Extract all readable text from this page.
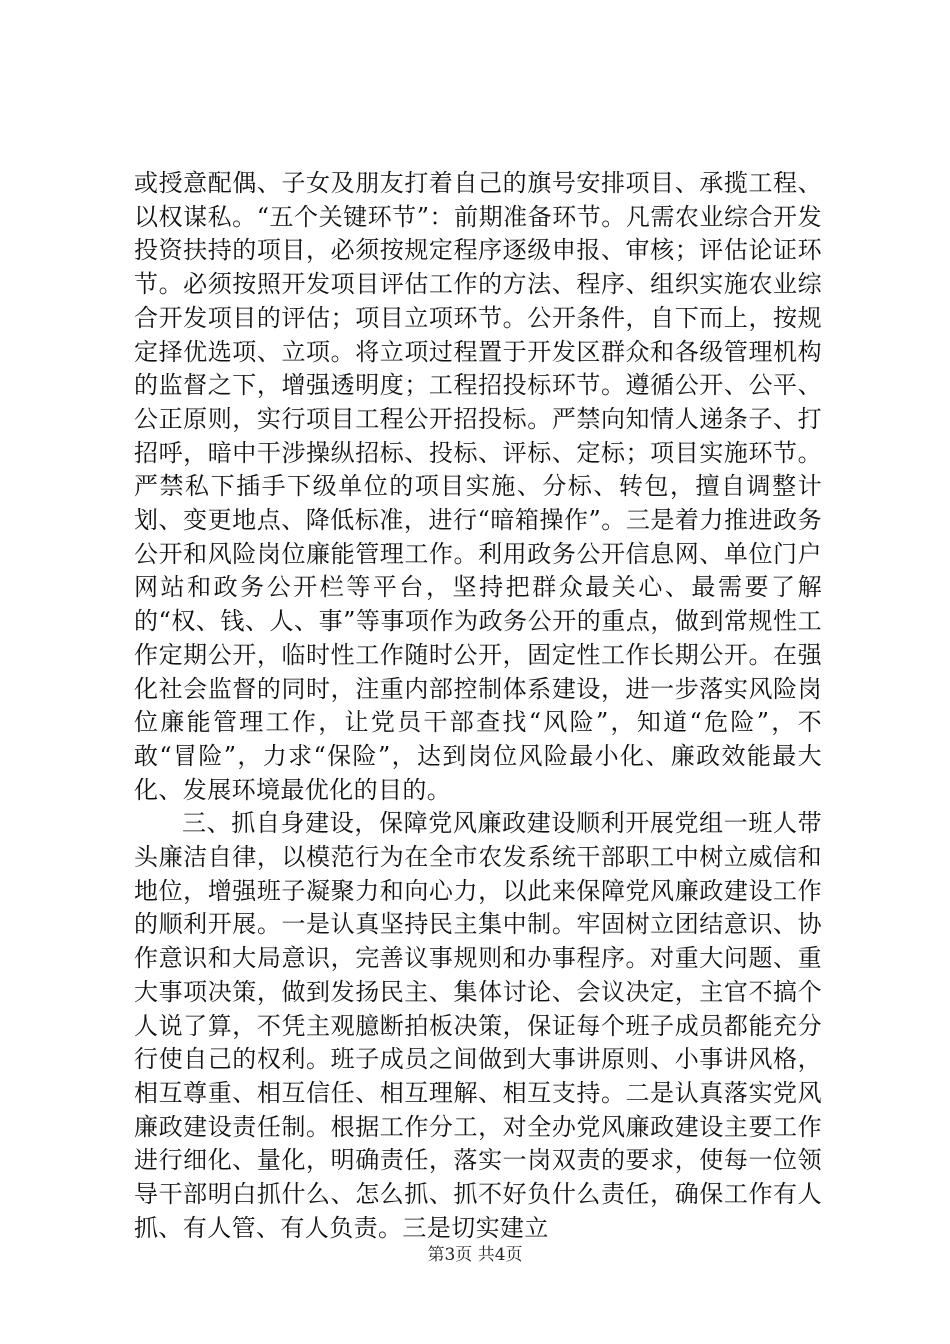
或授意配偶、子女及朋友打着自己的旗号安排项目、承揽工程、以权谋私。“五个关键环节”：前期准备环节。凡需农业综合开发投资扶持的项目，必须按规定程序逐级申报、审核；评估论证环节。必须按照开发项目评估工作的方法、程序、组织实施农业综合开发项目的评估；项目立项环节。公开条件，自下而上，按规定择优选项、立项。将立项过程置于开发区群众和各级管理机构的监督之下，增强透明度；工程招投标环节。遵循公开、公平、公正原则，实行项目工程公开招投标。严禁向知情人递条子、打招呼，暗中干涉操纵招标、投标、评标、定标；项目实施环节。严禁私下插手下级单位的项目实施、分标、转包，擅自调整计划、变更地点、降低标准，进行“暗箱操作”。三是着力推进政务公开和风险岗位廉能管理工作。利用政务公开信息网、单位门户网站和政务公开栏等平台，坚持把群众最关心、最需要了解的“权、钱、人、事”等事项作为政务公开的重点，做到常规性工作定期公开，临时性工作随时公开，固定性工作长期公开。在强化社会监督的同时，注重内部控制体系建设，进一步落实风险岗位廉能管理工作，让党员干部查找“风险”，知道“危险”，不敢“冒险”，力求“保险”，达到岗位风险最小化、廉政效能最大化、发展环境最优化的目的。

三、抓自身建设，保障党风廉政建设顺利开展党组一班人带头廉洁自律，以模范行为在全市农发系统干部职工中树立威信和地位，增强班子凝聚力和向心力，以此来保障党风廉政建设工作的顺利开展。一是认真坚持民主集中制。牢固树立团结意识、协作意识和大局意识，完善议事规则和办事程序。对重大问题、重大事项决策，做到发扬民主、集体讨论、会议决定，主官不搞个人说了算，不凭主观臆断拍板决策，保证每个班子成员都能充分行使自己的权利。班子成员之间做到大事讲原则、小事讲风格，相互尊重、相互信任、相互理解、相互支持。二是认真落实党风廉政建设责任制。根据工作分工，对全办党风廉政建设主要工作进行细化、量化，明确责任，落实一岗双责的要求，使每一位领导干部明白抓什么、怎么抓、抓不好负什么责任，确保工作有人抓、有人管、有人负责。三是切实建立

第3页 共4页
